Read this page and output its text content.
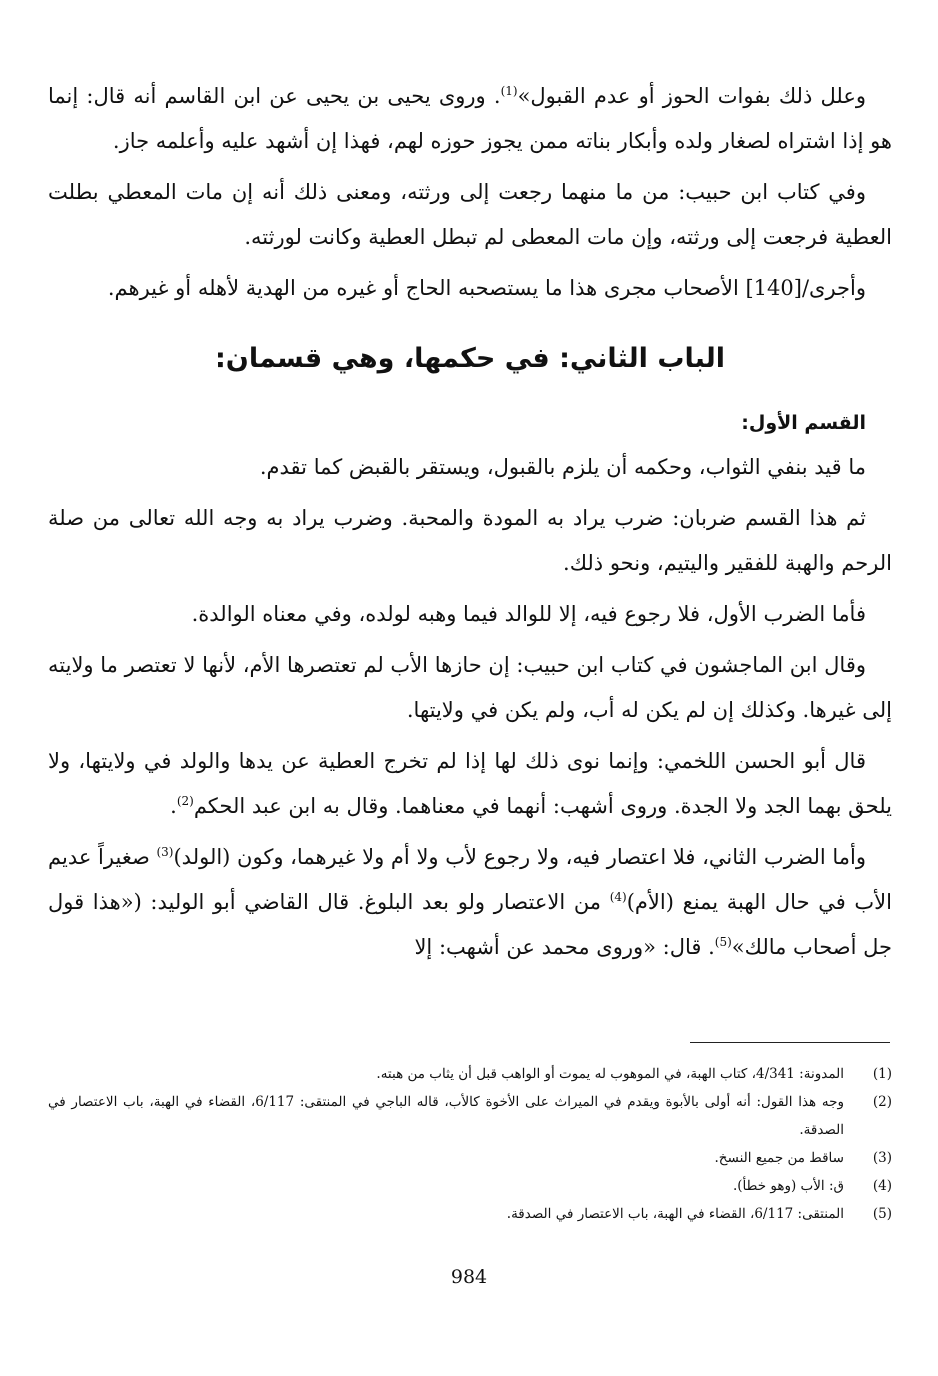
وعلل ذلك بفوات الحوز أو عدم القبول»$^{(1)}$. وروى يحيى بن يحيى عن ابن القاسم أنه قال: إنما هو إذا اشتراه لصغار ولده وأبكار بناته ممن يجوز حوزه لهم، فهذا إن أشهد عليه وأعلمه جاز.

وفي كتاب ابن حبيب: من ما منهما رجعت إلى ورثته، ومعنى ذلك أنه إن مات المعطي بطلت العطية فرجعت إلى ورثته، وإن مات المعطى لم تبطل العطية وكانت لورثته.

وأجرى/[140] الأصحاب مجرى هذا ما يستصحبه الحاج أو غيره من الهدية لأهله أو غيرهم.

الباب الثاني: في حكمها، وهي قسمان:
القسم الأول:

ما قيد بنفي الثواب، وحكمه أن يلزم بالقبول، ويستقر بالقبض كما تقدم.

ثم هذا القسم ضربان: ضرب يراد به المودة والمحبة. وضرب يراد به وجه الله تعالى من صلة الرحم والهبة للفقير واليتيم، ونحو ذلك.

فأما الضرب الأول، فلا رجوع فيه، إلا للوالد فيما وهبه لولده، وفي معناه الوالدة.

وقال ابن الماجشون في كتاب ابن حبيب: إن حازها الأب لم تعتصرها الأم، لأنها لا تعتصر ما ولايته إلى غيرها. وكذلك إن لم يكن له أب، ولم يكن في ولايتها.

قال أبو الحسن اللخمي: وإنما نوى ذلك لها إذا لم تخرج العطية عن يدها والولد في ولايتها، ولا يلحق بهما الجد ولا الجدة. وروى أشهب: أنهما في معناهما. وقال به ابن عبد الحكم$^{(2)}$.

وأما الضرب الثاني، فلا اعتصار فيه، ولا رجوع لأب ولا أم ولا غيرهما، وكون (الولد)$^{(3)}$ صغيراً عديم الأب في حال الهبة يمنع (الأم)$^{(4)}$ من الاعتصار ولو بعد البلوغ. قال القاضي أبو الوليد: («هذا قول جل أصحاب مالك»$^{(5)}$. قال: «وروى محمد عن أشهب: إلا

(1)
المدونة: 4/341، كتاب الهبة، في الموهوب له يموت أو الواهب قبل أن يثاب من هبته.
(2)
وجه هذا القول: أنه أولى بالأبوة ويقدم في الميراث على الأخوة كالأب، قاله الباجي في المنتقى: 6/117، القضاء في الهبة، باب الاعتصار في الصدقة.
(3)
ساقط من جميع النسخ.
(4)
ق: الأب (وهو خطأ).
(5)
المنتقى: 6/117، القضاء في الهبة، باب الاعتصار في الصدقة.
984
